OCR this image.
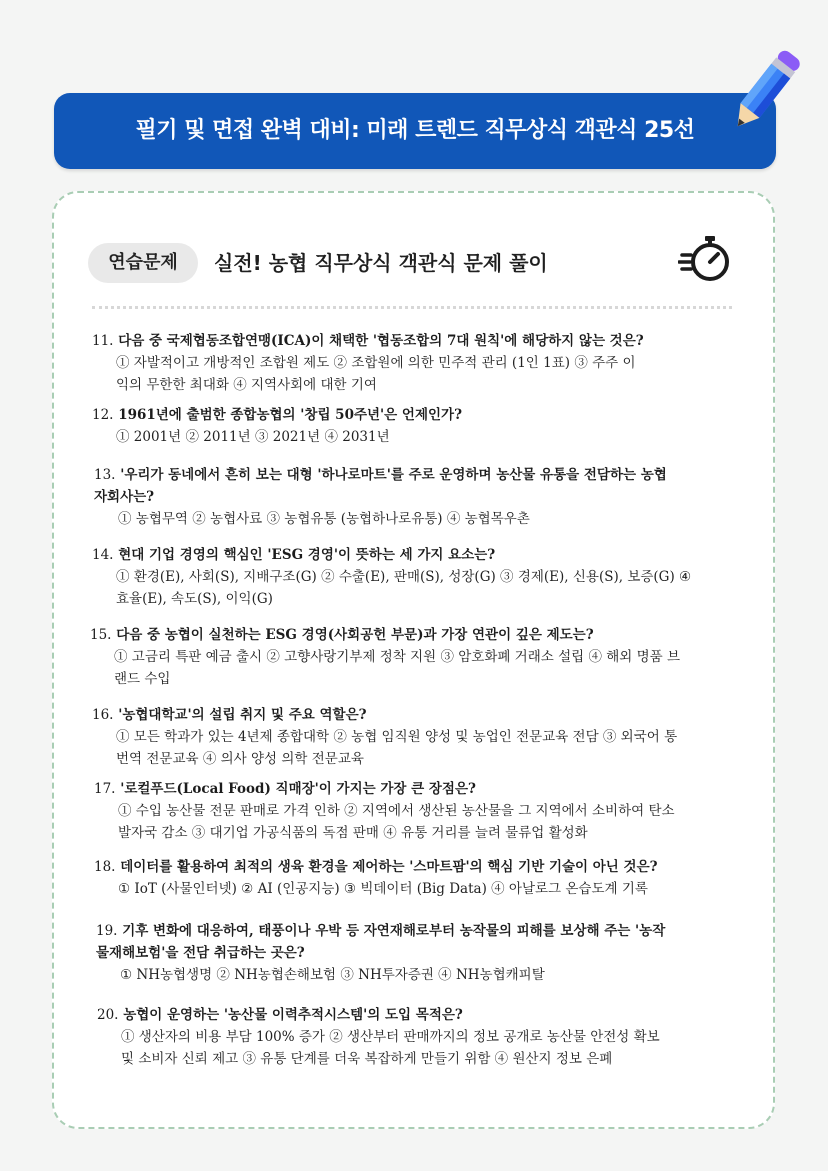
필기 및 면접 완벽 대비: 미래 트렌드 직무상식 객관식 25선
연습문제	실전! 농협 직무상식 객관식 문제 풀이
11. 다음 중 국제협동조합연맹(ICA)이 채택한 '협동조합의 7대 원칙'에 해당하지 않는 것은?
① 자발적이고 개방적인 조합원 제도 ② 조합원에 의한 민주적 관리 (1인 1표) ③ 주주 이
익의 무한한 최대화 ④ 지역사회에 대한 기여
12. 1961년에 출범한 종합농협의 '창립 50주년'은 언제인가?
① 2001년 ② 2011년 ③ 2021년 ④ 2031년
13. '우리가 동네에서 흔히 보는 대형 '하나로마트'를 주로 운영하며 농산물 유통을 전담하는 농협
자회사는?
① 농협무역 ② 농협사료 ③ 농협유통 (농협하나로유통) ④ 농협목우촌
14. 현대 기업 경영의 핵심인 'ESG 경영'이 뜻하는 세 가지 요소는?
① 환경(E), 사회(S), 지배구조(G) ② 수출(E), 판매(S), 성장(G) ③ 경제(E), 신용(S), 보증(G) ④
효율(E), 속도(S), 이익(G)
15. 다음 중 농협이 실천하는 ESG 경영(사회공헌 부문)과 가장 연관이 깊은 제도는?
① 고금리 특판 예금 출시 ② 고향사랑기부제 정착 지원 ③ 암호화폐 거래소 설립 ④ 해외 명품 브
랜드 수입
16. '농협대학교'의 설립 취지 및 주요 역할은?
① 모든 학과가 있는 4년제 종합대학 ② 농협 임직원 양성 및 농업인 전문교육 전담 ③ 외국어 통
번역 전문교육 ④ 의사 양성 의학 전문교육
17. '로컬푸드(Local Food) 직매장'이 가지는 가장 큰 장점은?
① 수입 농산물 전문 판매로 가격 인하 ② 지역에서 생산된 농산물을 그 지역에서 소비하여 탄소
발자국 감소 ③ 대기업 가공식품의 독점 판매 ④ 유통 거리를 늘려 물류업 활성화
18. 데이터를 활용하여 최적의 생육 환경을 제어하는 '스마트팜'의 핵심 기반 기술이 아닌 것은?
① IoT (사물인터넷) ② AI (인공지능) ③ 빅데이터 (Big Data) ④ 아날로그 온습도계 기록
19. 기후 변화에 대응하여, 태풍이나 우박 등 자연재해로부터 농작물의 피해를 보상해 주는 '농작
물재해보험'을 전담 취급하는 곳은?
① NH농협생명 ② NH농협손해보험 ③ NH투자증권 ④ NH농협캐피탈
20. 농협이 운영하는 '농산물 이력추적시스템'의 도입 목적은?
① 생산자의 비용 부담 100% 증가 ② 생산부터 판매까지의 정보 공개로 농산물 안전성 확보
및 소비자 신뢰 제고 ③ 유통 단계를 더욱 복잡하게 만들기 위함 ④ 원산지 정보 은폐
